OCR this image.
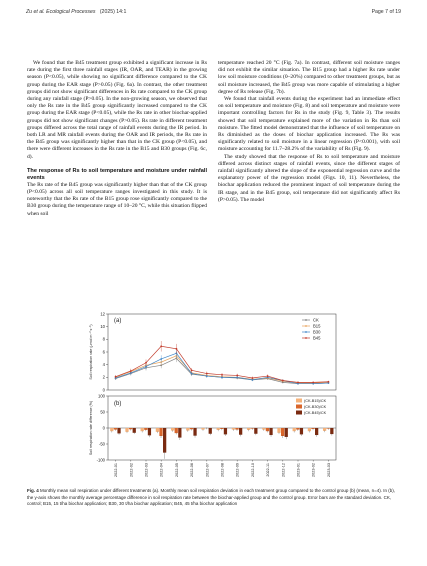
Zu et al. Ecological Processes (2025) 14:1	Page 7 of 19

We found that the B45 treatment group exhibited a significant increase in Rs rate during the first three rainfall stages (IR, OAR, and TEAR) in the growing season (P<0.05), while showing no significant difference compared to the CK group during the EAR stage (P>0.05) (Fig. 6a). In contrast, the other treatment groups did not show significant differences in Rs rate compared to the CK group during any rainfall stage (P>0.05). In the non-growing season, we observed that only the Rs rate in the B45 group significantly increased compared to the CK group during the EAR stage (P<0.05), while the Rs rate in other biochar-applied groups did not show significant changes (P>0.05). Rs rate in different treatment groups differed across the total range of rainfall events during the IR period. In both LR and MR rainfall events during the OAR and IR periods, the Rs rate in the B45 group was significantly higher than that in the CK group (P<0.05), and there were different increases in the Rs rate in the B15 and B30 groups (Fig. 6c, d).

The response of Rs to soil temperature and moisture under rainfall events

The Rs rate of the B45 group was significantly higher than that of the CK group (P<0.05) across all soil temperature ranges investigated in this study. It is noteworthy that the Rs rate of the B15 group rose significantly compared to the B30 group during the temperature range of 10–20 °C, while this situation flipped when soil

temperature reached 20 °C (Fig. 7a). In contrast, different soil moisture ranges did not exhibit the similar situation. The B15 group had a higher Rs rate under low soil moisture conditions (0–20%) compared to other treatment groups, but as soil moisture increased, the B45 group was more capable of stimulating a higher degree of Rs release (Fig. 7b).

We found that rainfall events during the experiment had an immediate effect on soil temperature and moisture (Fig. 8) and soil temperature and moisture were important controlling factors for Rs in the study (Fig. 9, Table 3). The results showed that soil temperature explained more of the variation in Rs than soil moisture. The fitted model demonstrated that the influence of soil temperature on Rs diminished as the doses of biochar application increased. The Rs was significantly related to soil moisture in a linear regression (P<0.001), with soil moisture accounting for 11.7–28.2% of the variability of Rs (Fig. 9).

The study showed that the response of Rs to soil temperature and moisture differed across distinct stages of rainfall events, since the different stages of rainfall significantly altered the slope of the exponential regression curve and the explanatory power of the regression model (Figs. 10, 11). Nevertheless, the biochar application reduced the prominent impact of soil temperature during the IR stage, and in the B45 group, soil temperature did not significantly affect Rs (P>0.05). The model

0
2
4
6
8
10
12
(a)
Soil respiration rate (μmol m⁻² s⁻¹)
CK
B15
B30
B45
-100
-50
0
50
100
(b)
Soil respiration rate difference (%)	(CK-B15)/CK
(CK-B30)/CK
(CK-B45)/CK
2022-01	2022-02	2022-03	2022-04	2022-05	2022-06	2022-07	2022-08	2022-09	2022-10	2022-11	2022-12	2023-01	2023-02	2023-03
Fig. 4 Monthly mean soil respiration under different treatments (a). Monthly mean soil respiration deviation in each treatment group compared to the control group (b) (mean, n=4). In (b), the y-axis shows the monthly average percentage difference in soil respiration rate between the biochar-applied group and the control group. Error bars are the standard deviation. CK, control; B15, 15 t/ha biochar application; B30, 30 t/ha biochar application; B45, 45 t/ha biochar application
